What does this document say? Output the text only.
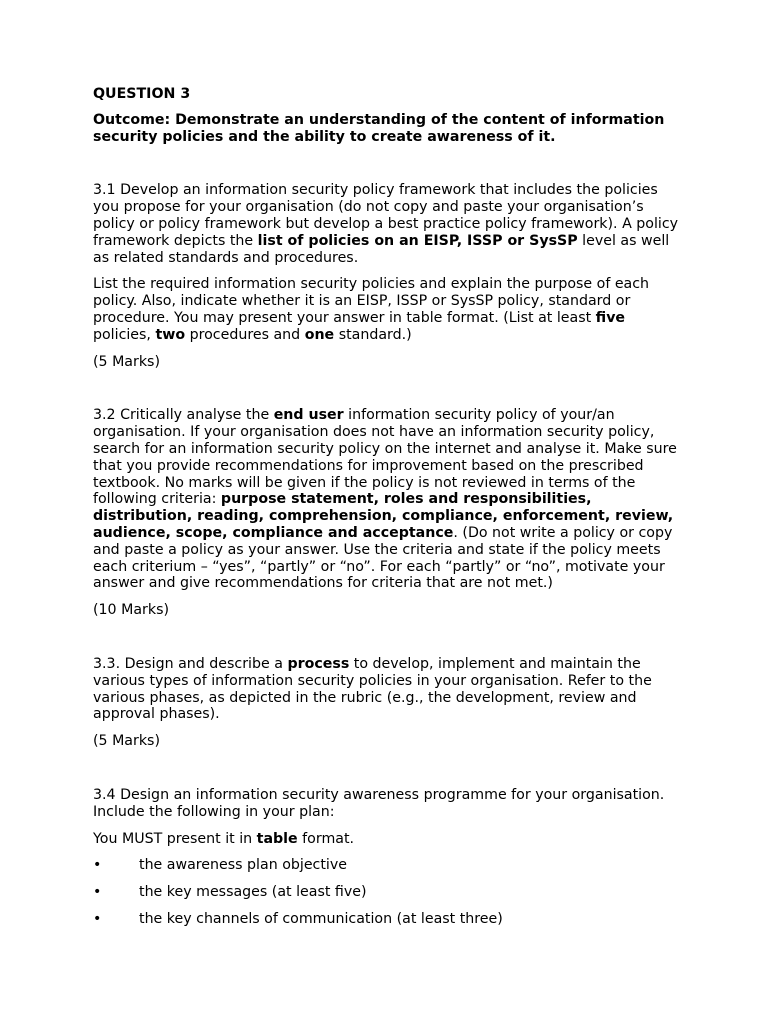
QUESTION 3

Outcome: Demonstrate an understanding of the content of information security policies and the ability to create awareness of it.

3.1 Develop an information security policy framework that includes the policies you propose for your organisation (do not copy and paste your organisation’s policy or policy framework but develop a best practice policy framework). A policy framework depicts the list of policies on an EISP, ISSP or SysSP level as well as related standards and procedures.

List the required information security policies and explain the purpose of each policy. Also, indicate whether it is an EISP, ISSP or SysSP policy, standard or procedure. You may present your answer in table format. (List at least five policies, two procedures and one standard.)

(5 Marks)

3.2 Critically analyse the end user information security policy of your/an organisation. If your organisation does not have an information security policy, search for an information security policy on the internet and analyse it. Make sure that you provide recommendations for improvement based on the prescribed textbook. No marks will be given if the policy is not reviewed in terms of the following criteria: purpose statement, roles and responsibilities, distribution, reading, comprehension, compliance, enforcement, review, audience, scope, compliance and acceptance. (Do not write a policy or copy and paste a policy as your answer. Use the criteria and state if the policy meets each criterium – “yes”, “partly” or “no”. For each “partly” or “no”, motivate your answer and give recommendations for criteria that are not met.)

(10 Marks)

3.3. Design and describe a process to develop, implement and maintain the various types of information security policies in your organisation. Refer to the various phases, as depicted in the rubric (e.g., the development, review and approval phases).

(5 Marks)

3.4 Design an information security awareness programme for your organisation. Include the following in your plan:

You MUST present it in table format.

•	the awareness plan objective
•	the key messages (at least five)
•	the key channels of communication (at least three)
